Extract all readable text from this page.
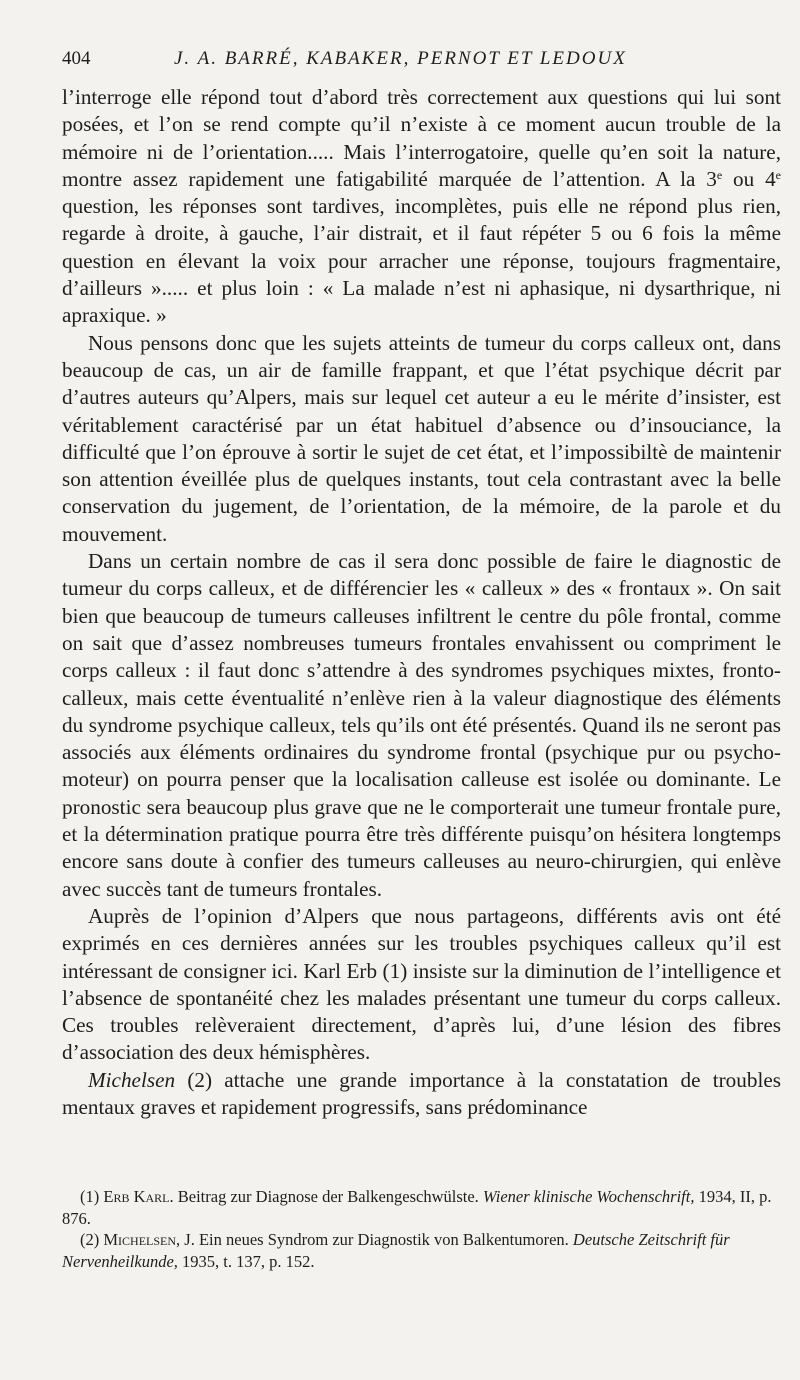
404	J. A. BARRÉ, KABAKER, PERNOT ET LEDOUX

l’interroge elle répond tout d’abord très correctement aux questions qui lui sont posées, et l’on se rend compte qu’il n’existe à ce moment aucun trouble de la mémoire ni de l’orientation..... Mais l’interrogatoire, quelle qu’en soit la nature, montre assez rapidement une fatigabilité marquée de l’attention. A la 3e ou 4e question, les réponses sont tardives, incomplètes, puis elle ne répond plus rien, regarde à droite, à gauche, l’air distrait, et il faut répéter 5 ou 6 fois la même question en élevant la voix pour arracher une réponse, toujours fragmentaire, d’ailleurs »..... et plus loin : « La malade n’est ni aphasique, ni dysarthrique, ni apraxique. »

Nous pensons donc que les sujets atteints de tumeur du corps calleux ont, dans beaucoup de cas, un air de famille frappant, et que l’état psychique décrit par d’autres auteurs qu’Alpers, mais sur lequel cet auteur a eu le mérite d’insister, est véritablement caractérisé par un état habituel d’absence ou d’insouciance, la difficulté que l’on éprouve à sortir le sujet de cet état, et l’impossibiltè de maintenir son attention éveillée plus de quelques instants, tout cela contrastant avec la belle conservation du jugement, de l’orientation, de la mémoire, de la parole et du mouvement.

Dans un certain nombre de cas il sera donc possible de faire le diagnostic de tumeur du corps calleux, et de différencier les « calleux » des « frontaux ». On sait bien que beaucoup de tumeurs calleuses infiltrent le centre du pôle frontal, comme on sait que d’assez nombreuses tumeurs frontales envahissent ou compriment le corps calleux : il faut donc s’attendre à des syndromes psychiques mixtes, fronto-calleux, mais cette éventualité n’enlève rien à la valeur diagnostique des éléments du syndrome psychique calleux, tels qu’ils ont été présentés. Quand ils ne seront pas associés aux éléments ordinaires du syndrome frontal (psychique pur ou psycho-moteur) on pourra penser que la localisation calleuse est isolée ou dominante. Le pronostic sera beaucoup plus grave que ne le comporterait une tumeur frontale pure, et la détermination pratique pourra être très différente puisqu’on hésitera longtemps encore sans doute à confier des tumeurs calleuses au neuro-chirurgien, qui enlève avec succès tant de tumeurs frontales.

Auprès de l’opinion d’Alpers que nous partageons, différents avis ont été exprimés en ces dernières années sur les troubles psychiques calleux qu’il est intéressant de consigner ici. Karl Erb (1) insiste sur la diminution de l’intelligence et l’absence de spontanéité chez les malades présentant une tumeur du corps calleux. Ces troubles relèveraient directement, d’après lui, d’une lésion des fibres d’association des deux hémisphères.

Michelsen (2) attache une grande importance à la constatation de troubles mentaux graves et rapidement progressifs, sans prédominance

(1) Erb Karl. Beitrag zur Diagnose der Balkengeschwülste. Wiener klinische Wochenschrift, 1934, II, p. 876.

(2) Michelsen, J. Ein neues Syndrom zur Diagnostik von Balkentumoren. Deutsche Zeitschrift für Nervenheilkunde, 1935, t. 137, p. 152.
